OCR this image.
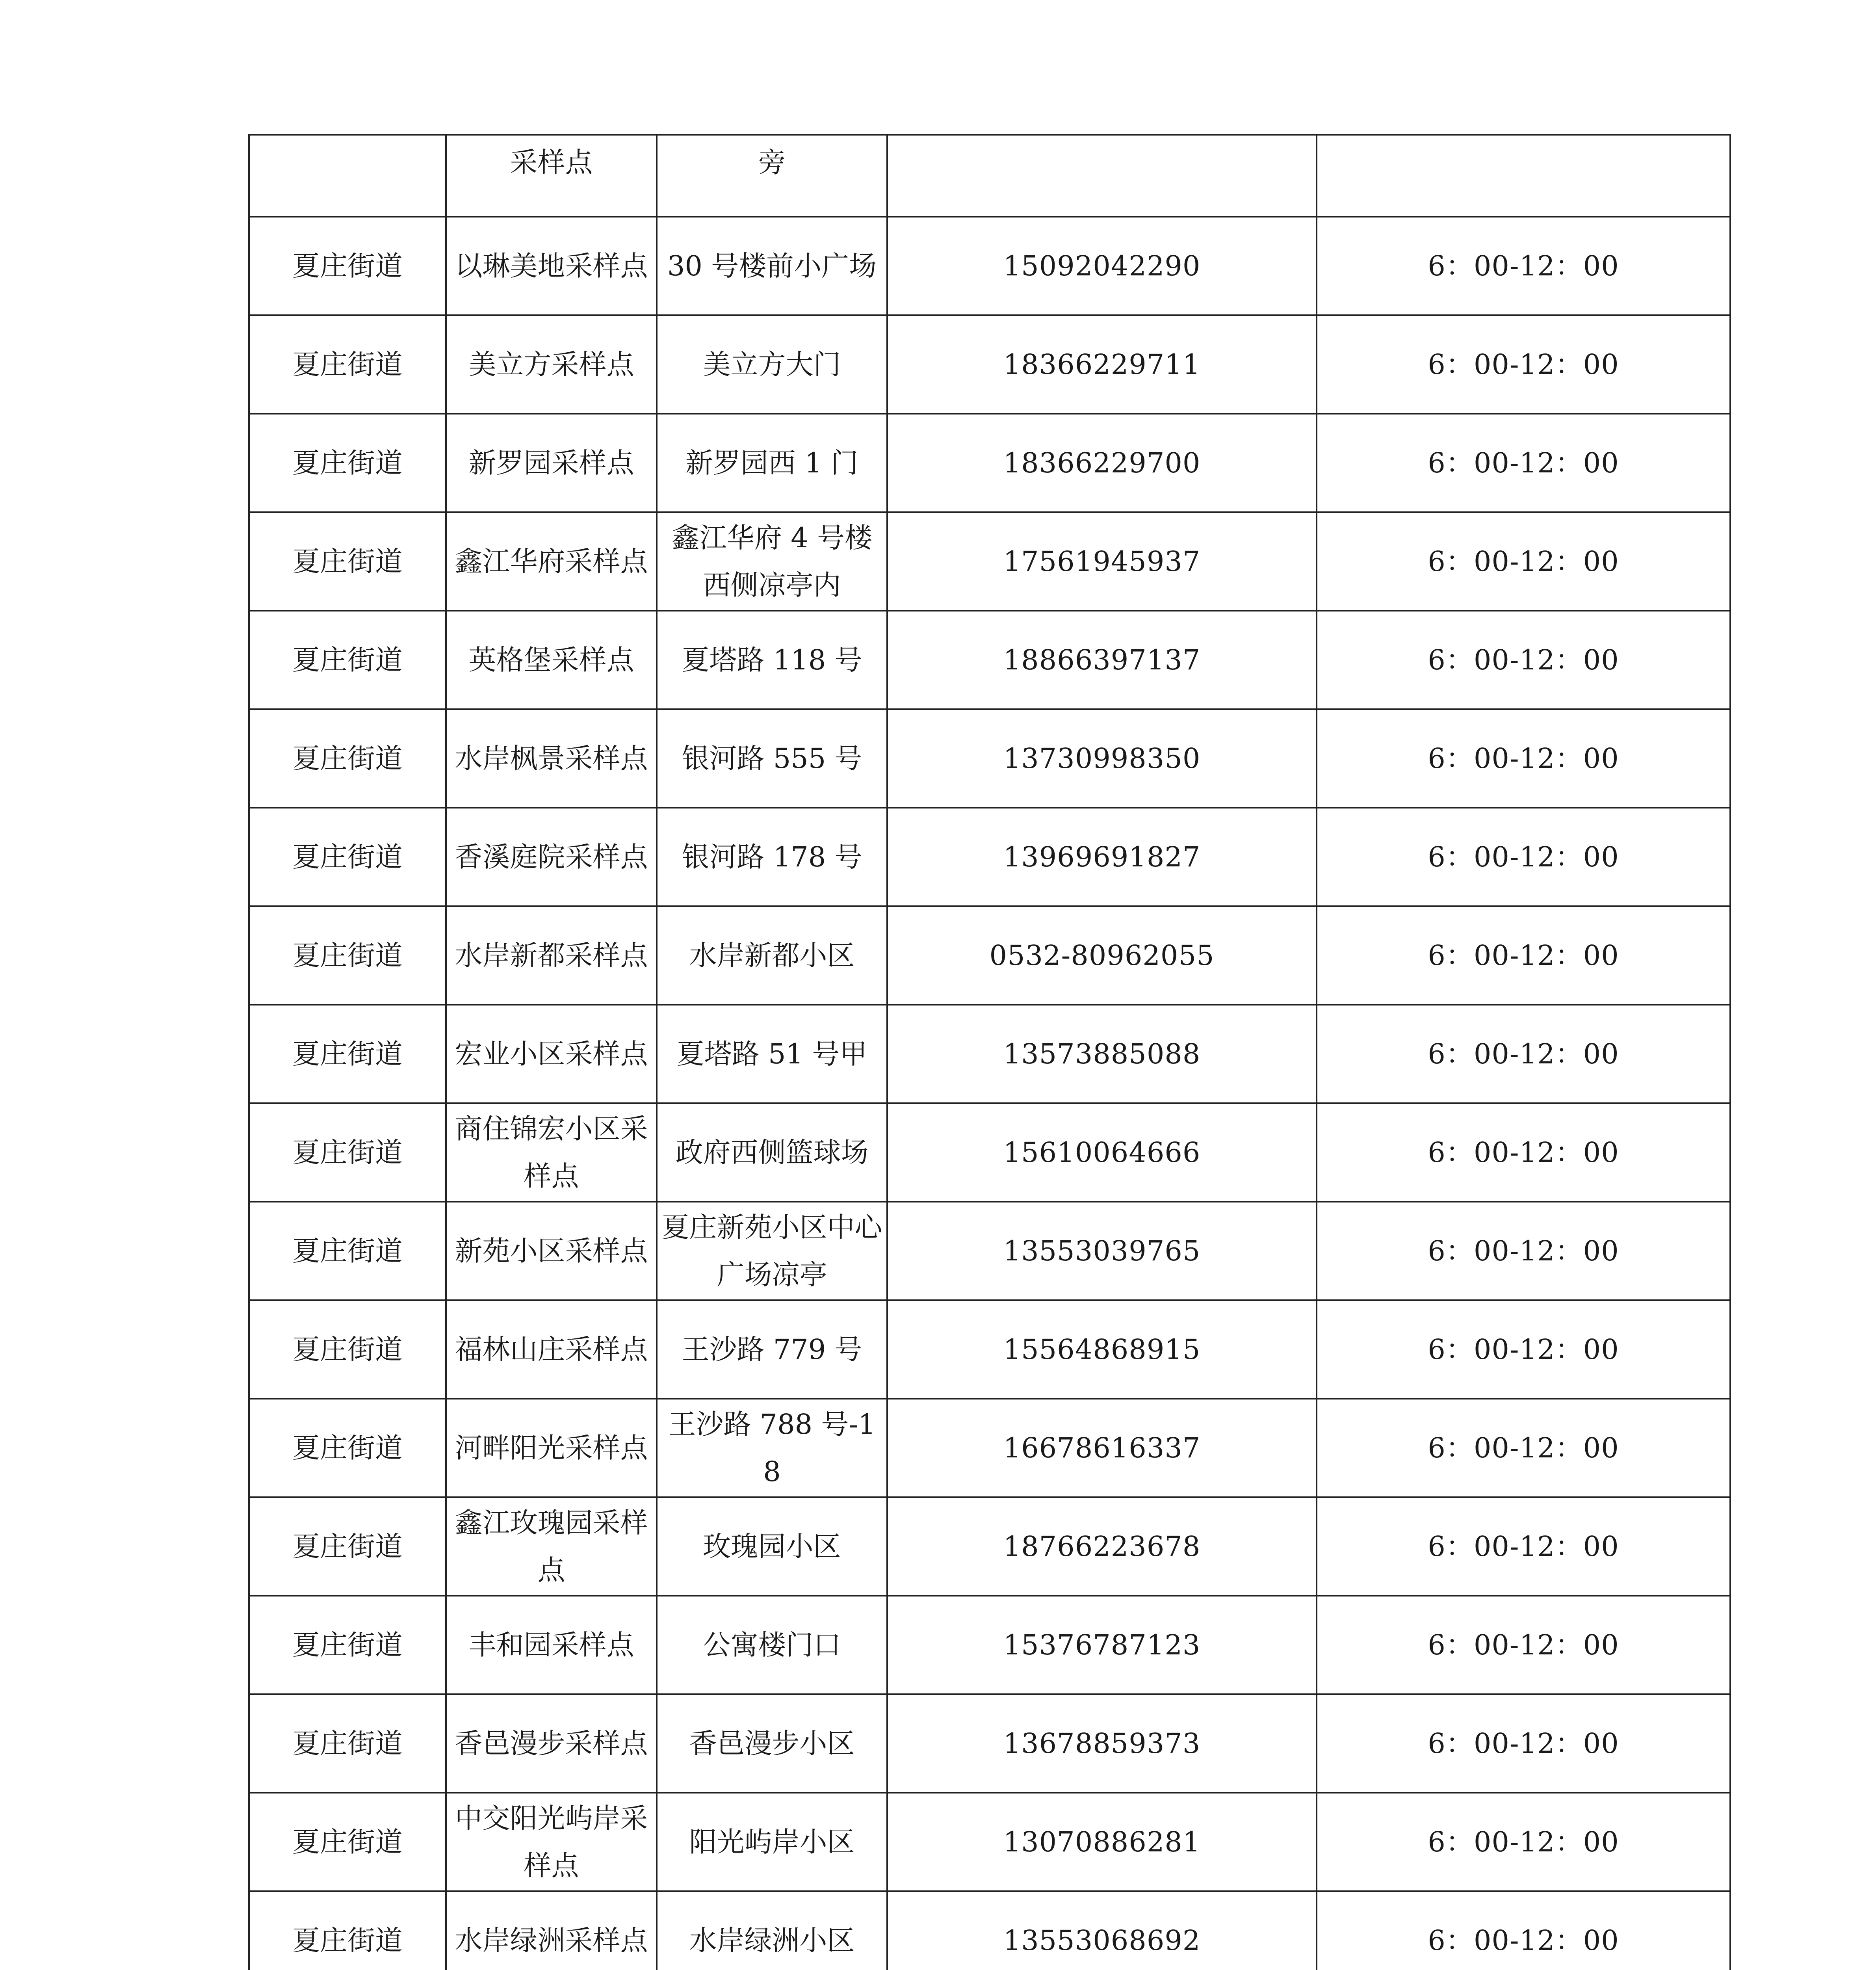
	采样点	旁		
夏庄街道	以琳美地采样点	30 号楼前小广场	15092042290	6：00-12：00
夏庄街道	美立方采样点	美立方大门	18366229711	6：00-12：00
夏庄街道	新罗园采样点	新罗园西 1 门	18366229700	6：00-12：00
夏庄街道	鑫江华府采样点	鑫江华府 4 号楼西侧凉亭内	17561945937	6：00-12：00
夏庄街道	英格堡采样点	夏塔路 118 号	18866397137	6：00-12：00
夏庄街道	水岸枫景采样点	银河路 555 号	13730998350	6：00-12：00
夏庄街道	香溪庭院采样点	银河路 178 号	13969691827	6：00-12：00
夏庄街道	水岸新都采样点	水岸新都小区	0532-80962055	6：00-12：00
夏庄街道	宏业小区采样点	夏塔路 51 号甲	13573885088	6：00-12：00
夏庄街道	商住锦宏小区采样点	政府西侧篮球场	15610064666	6：00-12：00
夏庄街道	新苑小区采样点	夏庄新苑小区中心广场凉亭	13553039765	6：00-12：00
夏庄街道	福林山庄采样点	王沙路 779 号	15564868915	6：00-12：00
夏庄街道	河畔阳光采样点	王沙路 788 号-18	16678616337	6：00-12：00
夏庄街道	鑫江玫瑰园采样点	玫瑰园小区	18766223678	6：00-12：00
夏庄街道	丰和园采样点	公寓楼门口	15376787123	6：00-12：00
夏庄街道	香邑漫步采样点	香邑漫步小区	13678859373	6：00-12：00
夏庄街道	中交阳光屿岸采样点	阳光屿岸小区	13070886281	6：00-12：00
夏庄街道	水岸绿洲采样点	水岸绿洲小区	13553068692	6：00-12：00
